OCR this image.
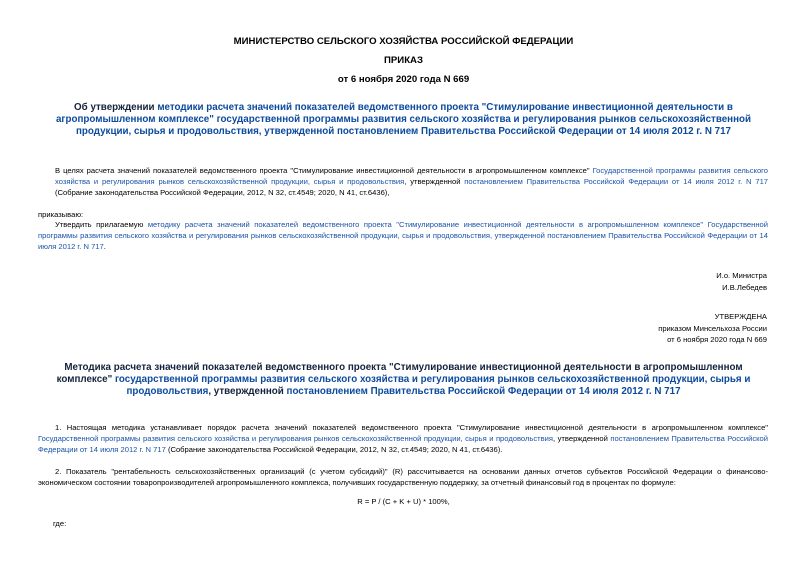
МИНИСТЕРСТВО СЕЛЬСКОГО ХОЗЯЙСТВА РОССИЙСКОЙ ФЕДЕРАЦИИ
ПРИКАЗ
от 6 ноября 2020 года N 669
Об утверждении методики расчета значений показателей ведомственного проекта "Стимулирование инвестиционной деятельности в агропромышленном комплексе" государственной программы развития сельского хозяйства и регулирования рынков сельскохозяйственной продукции, сырья и продовольствия, утвержденной постановлением Правительства Российской Федерации от 14 июля 2012 г. N 717
В целях расчета значений показателей ведомственного проекта "Стимулирование инвестиционной деятельности в агропромышленном комплексе" Государственной программы развития сельского хозяйства и регулирования рынков сельскохозяйственной продукции, сырья и продовольствия, утвержденной постановлением Правительства Российской Федерации от 14 июля 2012 г. N 717 (Собрание законодательства Российской Федерации, 2012, N 32, ст.4549; 2020, N 41, ст.6436),
приказываю:
Утвердить прилагаемую методику расчета значений показателей ведомственного проекта "Стимулирование инвестиционной деятельности в агропромышленном комплексе" Государственной программы развития сельского хозяйства и регулирования рынков сельскохозяйственной продукции, сырья и продовольствия, утвержденной постановлением Правительства Российской Федерации от 14 июля 2012 г. N 717.
И.о. Министра
И.В.Лебедев
УТВЕРЖДЕНА
приказом Минсельхоза России
от 6 ноября 2020 года N 669
Методика расчета значений показателей ведомственного проекта "Стимулирование инвестиционной деятельности в агропромышленном комплексе" государственной программы развития сельского хозяйства и регулирования рынков сельскохозяйственной продукции, сырья и продовольствия, утвержденной постановлением Правительства Российской Федерации от 14 июля 2012 г. N 717
1. Настоящая методика устанавливает порядок расчета значений показателей ведомственного проекта "Стимулирование инвестиционной деятельности в агропромышленном комплексе" Государственной программы развития сельского хозяйства и регулирования рынков сельскохозяйственной продукции, сырья и продовольствия, утвержденной постановлением Правительства Российской Федерации от 14 июля 2012 г. N 717 (Собрание законодательства Российской Федерации, 2012, N 32, ст.4549; 2020, N 41, ст.6436).
2. Показатель "рентабельность сельскохозяйственных организаций (с учетом субсидий)" (R) рассчитывается на основании данных отчетов субъектов Российской Федерации о финансово-экономическом состоянии товаропроизводителей агропромышленного комплекса, получивших государственную поддержку, за отчетный финансовый год в процентах по формуле:
R = P / (C + K + U) * 100%,
где:
